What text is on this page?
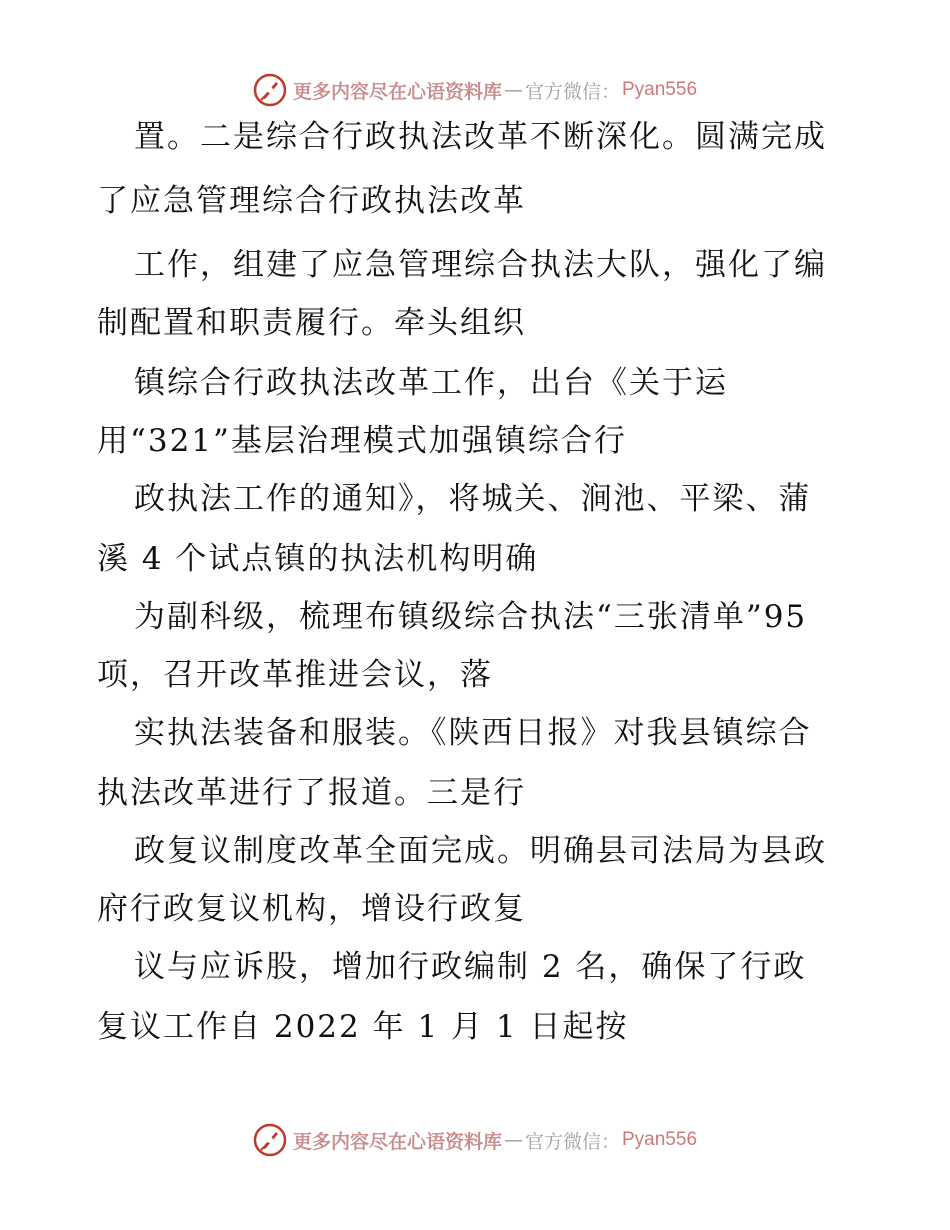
更多内容尽在心语资料库 — 官方微信： Pyan556
置。二是综合行政执法改革不断深化。圆满完成
了应急管理综合行政执法改革
工作，组建了应急管理综合执法大队，强化了编
制配置和职责履行。牵头组织
镇综合行政执法改革工作，出台《关于运
用“321”基层治理模式加强镇综合行
政执法工作的通知》，将城关、涧池、平梁、蒲
溪 4 个试点镇的执法机构明确
为副科级，梳理布镇级综合执法“三张清单”95
项，召开改革推进会议，落
实执法装备和服装。《陕西日报》对我县镇综合
执法改革进行了报道。三是行
政复议制度改革全面完成。明确县司法局为县政
府行政复议机构，增设行政复
议与应诉股，增加行政编制 2 名，确保了行政
复议工作自 2022 年 1 月 1 日起按
更多内容尽在心语资料库 — 官方微信： Pyan556
